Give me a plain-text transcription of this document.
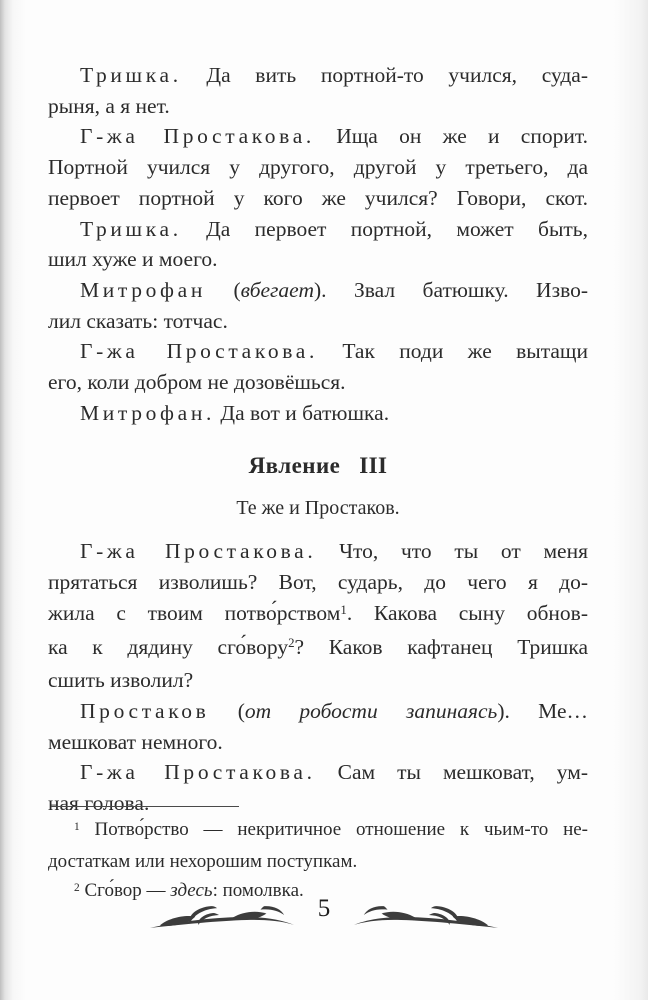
Тришка. Да вить портной-то учился, суда-
рыня, а я нет.
Г-жа Простакова. Ища он же и спорит.
Портной учился у другого, другой у третьего, да
первоет портной у кого же учился? Говори, скот.
Тришка. Да первоет портной, может быть,
шил хуже и моего.
Митрофан (вбегает). Звал батюшку. Изво-
лил сказать: тотчас.
Г-жа Простакова. Так поди же вытащи
его, коли добром не дозовёшься.
Митрофан. Да вот и батюшка.
Явление III
Те же и Простаков.
Г-жа Простакова. Что, что ты от меня
прятаться изволишь? Вот, сударь, до чего я до-
жила с твоим потво́рством$^1$. Какова сыну обнов-
ка к дядину сго́вору$^2$? Каков кафтанец Тришка
сшить изволил?
Простаков (от робости запинаясь). Ме…
мешковат немного.
Г-жа Простакова. Сам ты мешковат, ум-
ная голова.
$^1$ Потво́рство — некритичное отношение к чьим-то не-
достаткам или нехорошим поступкам.
$^2$ Сго́вор — здесь: помолвка.
5
